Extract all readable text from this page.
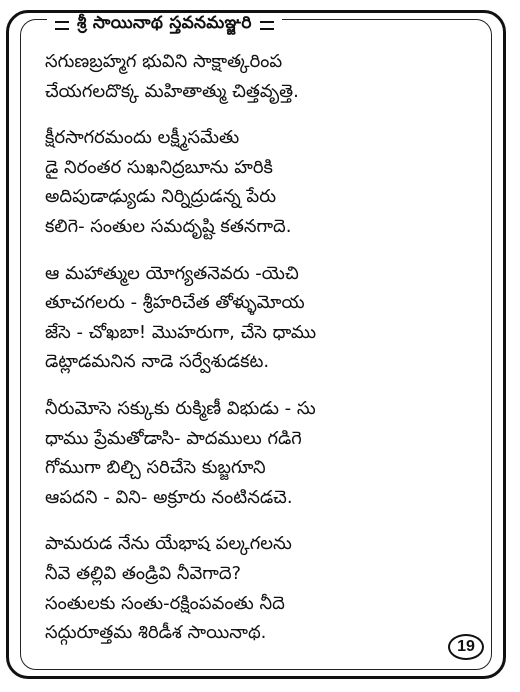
శ్రీ సాయినాథ స్తవనమఞ్జరి
సగుణబ్రహ్మగ భువిని సాక్షాత్కరింప
చేయగలదొక్క మహితాత్ము చిత్తవృత్తె.
క్షీరసాగరమందు లక్ష్మీసమేతు
డై నిరంతర సుఖనిద్రబూను హరికి
అదిపుడాఢ్యుడు నిర్నిద్రుడన్న పేరు
కలిగె- సంతుల సమదృష్టి కతనగాదె.
ఆ మహాత్ముల యోగ్యతనెవరు -యెచి
తూచగలరు - శ్రీహరిచేత తోళ్ళుమోయ
జేసె - చోఖబా! మొహరుగా, చేసె ధాము
డెట్లాడమనిన నాడె సర్వేశుడకట.
నీరుమోసె సక్కుకు రుక్మిణీ విభుడు - సు
ధాము ప్రేమతోడాసి- పాదములు గడిగె
గోముగా బిల్చి సరిచేసె కుబ్జగూని
ఆపదని - విని- అక్రూరు నంటినడచె.
పామరుడ నేను యేభాష పల్కగలను
నీవె తల్లివి తండ్రివి నీవెగాదె?
సంతులకు సంతు-రక్షింపవంతు నీదె
సద్గురూత్తమ శిరిడీశ సాయినాథ.
19
